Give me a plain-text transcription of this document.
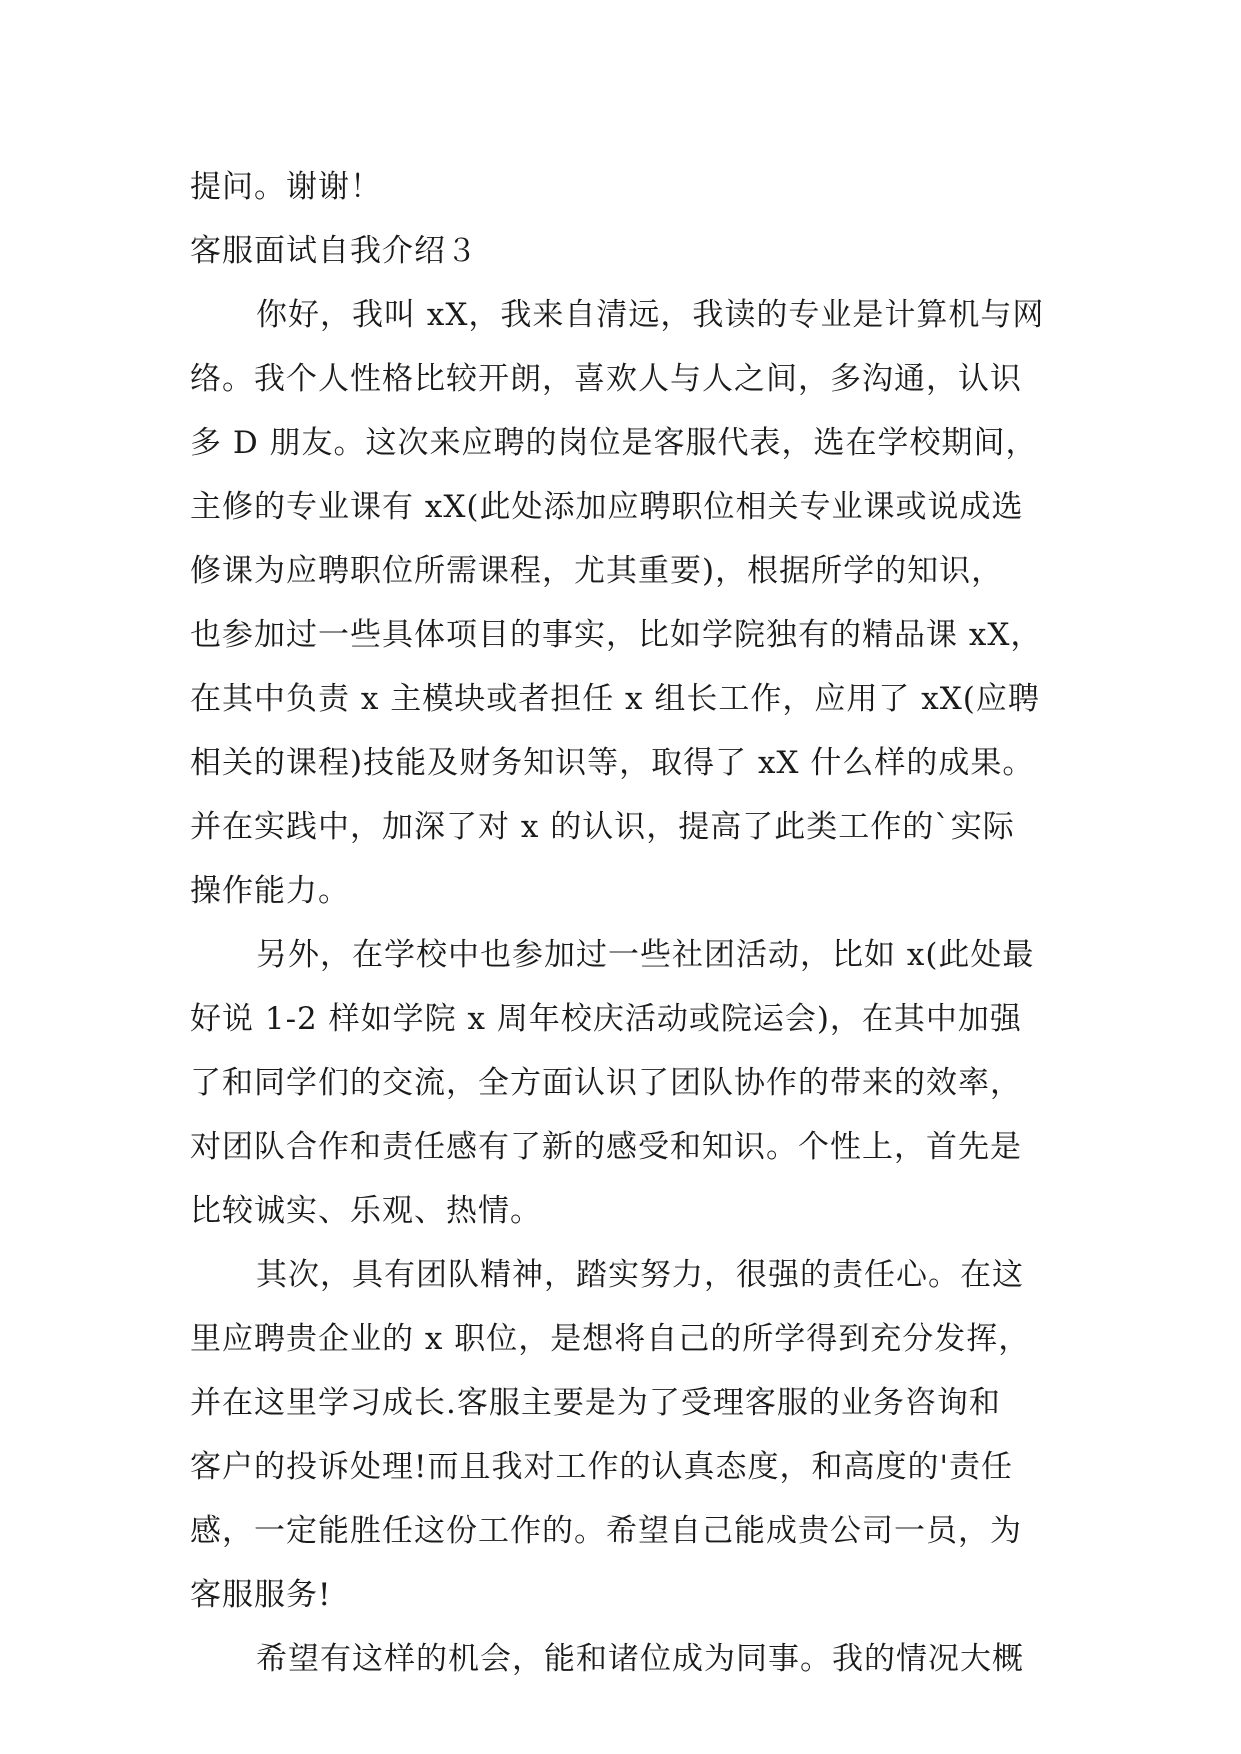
提问。谢谢！
客服面试自我介绍３
你好，我叫 xX，我来自清远，我读的专业是计算机与网
络。我个人性格比较开朗，喜欢人与人之间，多沟通，认识
多 D 朋友。这次来应聘的岗位是客服代表，选在学校期间，
主修的专业课有 xX(此处添加应聘职位相关专业课或说成选
修课为应聘职位所需课程，尤其重要)，根据所学的知识，
也参加过一些具体项目的事实，比如学院独有的精品课 xX，
在其中负责 x 主模块或者担任 x 组长工作，应用了 xX(应聘
相关的课程)技能及财务知识等，取得了 xX 什么样的成果。
并在实践中，加深了对 x 的认识，提高了此类工作的`实际
操作能力。
另外，在学校中也参加过一些社团活动，比如 x(此处最
好说 1-2 样如学院 x 周年校庆活动或院运会)，在其中加强
了和同学们的交流，全方面认识了团队协作的带来的效率，
对团队合作和责任感有了新的感受和知识。个性上，首先是
比较诚实、乐观、热情。
其次，具有团队精神，踏实努力，很强的责任心。在这
里应聘贵企业的 x 职位，是想将自己的所学得到充分发挥，
并在这里学习成长.客服主要是为了受理客服的业务咨询和
客户的投诉处理!而且我对工作的认真态度，和高度的'责任
感，一定能胜任这份工作的。希望自己能成贵公司一员，为
客服服务!
希望有这样的机会，能和诸位成为同事。我的情况大概
